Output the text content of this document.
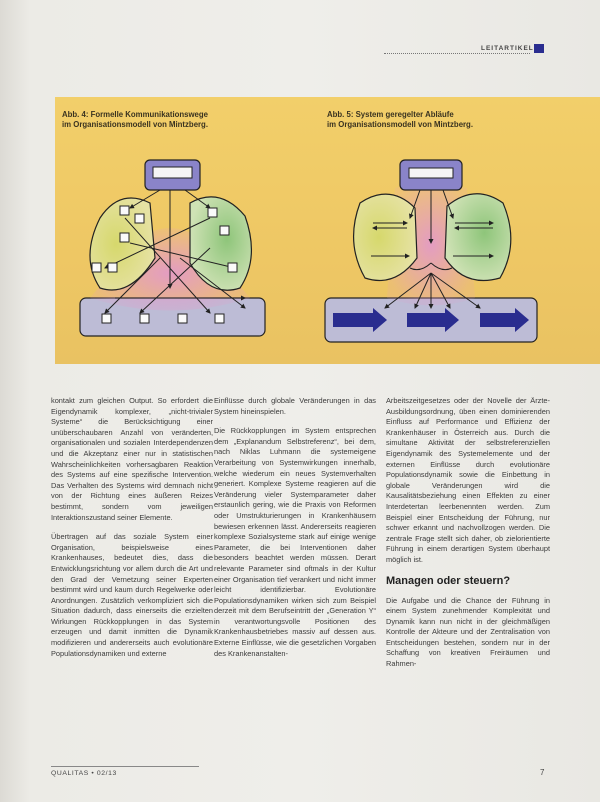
LEITARTIKEL
Abb. 4: Formelle Kommunikationswege
im Organisationsmodell von Mintzberg.
Abb. 5: System geregelter Abläufe
im Organisationsmodell von Mintzberg.

kontakt zum gleichen Output. So erfordert die Eigendynamik komplexer, „nicht-trivialer Systeme“ die Berücksichtigung einer unüberschaubaren Anzahl von veränderten, organisationalen und sozialen Interdependenzen und die Akzeptanz einer nur in statistischen Wahrscheinlichkeiten vorhersagbaren Reaktion des Systems auf eine spezifische Intervention. Das Verhalten des Systems wird demnach nicht von der Richtung eines äußeren Reizes bestimmt, sondern vom jeweiligen Interaktionszustand seiner Elemente.

Übertragen auf das soziale System einer Organisation, beispielsweise eines Krankenhauses, bedeutet dies, dass die Entwicklungsrichtung vor allem durch die Art und den Grad der Vernetzung seiner Experten bestimmt wird und kaum durch Regelwerke oder Anordnungen. Zusätzlich verkompliziert sich die Situation dadurch, dass einerseits die erzielten Wirkungen Rückkopplungen in das System erzeugen und damit inmitten die Dynamik modifizieren und andererseits auch evolutionäre Populationsdynamiken und externe

Einflüsse durch globale Veränderungen in das System hineinspielen.

Die Rückkopplungen im System entsprechen dem „Explanandum Selbstreferenz“, bei dem, nach Niklas Luhmann die systemeigene Verarbeitung von Systemwirkungen innerhalb, welche wiederum ein neues Systemverhalten generiert. Komplexe Systeme reagieren auf die Veränderung vieler Systemparameter daher erstaunlich gering, wie die Praxis von Reformen oder Umstrukturierungen in Krankenhäusern bewiesen erkennen lässt. Andererseits reagieren komplexe Sozialsysteme stark auf einige wenige Parameter, die bei Interventionen daher besonders beachtet werden müssen. Derart relevante Parameter sind oftmals in der Kultur einer Organisation tief verankert und nicht immer leicht identifizierbar. Evolutionäre Populationsdynamiken wirken sich zum Beispiel derzeit mit dem Berufseintritt der „Generation Y“ in verantwortungsvolle Positionen des Krankenhausbetriebes massiv auf dessen aus. Externe Einflüsse, wie die gesetzlichen Vorgaben des Krankenanstalten-

Arbeitszeitgesetzes oder der Novelle der Ärzte-Ausbildungsordnung, üben einen dominierenden Einfluss auf Performance und Effizienz der Krankenhäuser in Österreich aus. Durch die simultane Aktivität der selbstreferenziellen Eigendynamik des Systemelemente und der externen Einflüsse durch evolutionäre Populationsdynamik sowie die Einbettung in globale Veränderungen wird die Kausalitätsbeziehung einen Effekten zu einer Interdetertan leerbenennten werden. Zum Beispiel einer Entscheidung der Führung, nur schwer erkannt und nachvollzogen werden. Die zentrale Frage stellt sich daher, ob zielorientierte Führung in einem derartigen System überhaupt möglich ist.

Managen oder steuern?

Die Aufgabe und die Chance der Führung in einem System zunehmender Komplexität und Dynamik kann nun nicht in der gleichmäßigen Kontrolle der Akteure und der Zentralisation von Entscheidungen bestehen, sondern nur in der Schaffung von kreativen Freiräumen und Rahmen-

QUALITAS • 02/13	7
